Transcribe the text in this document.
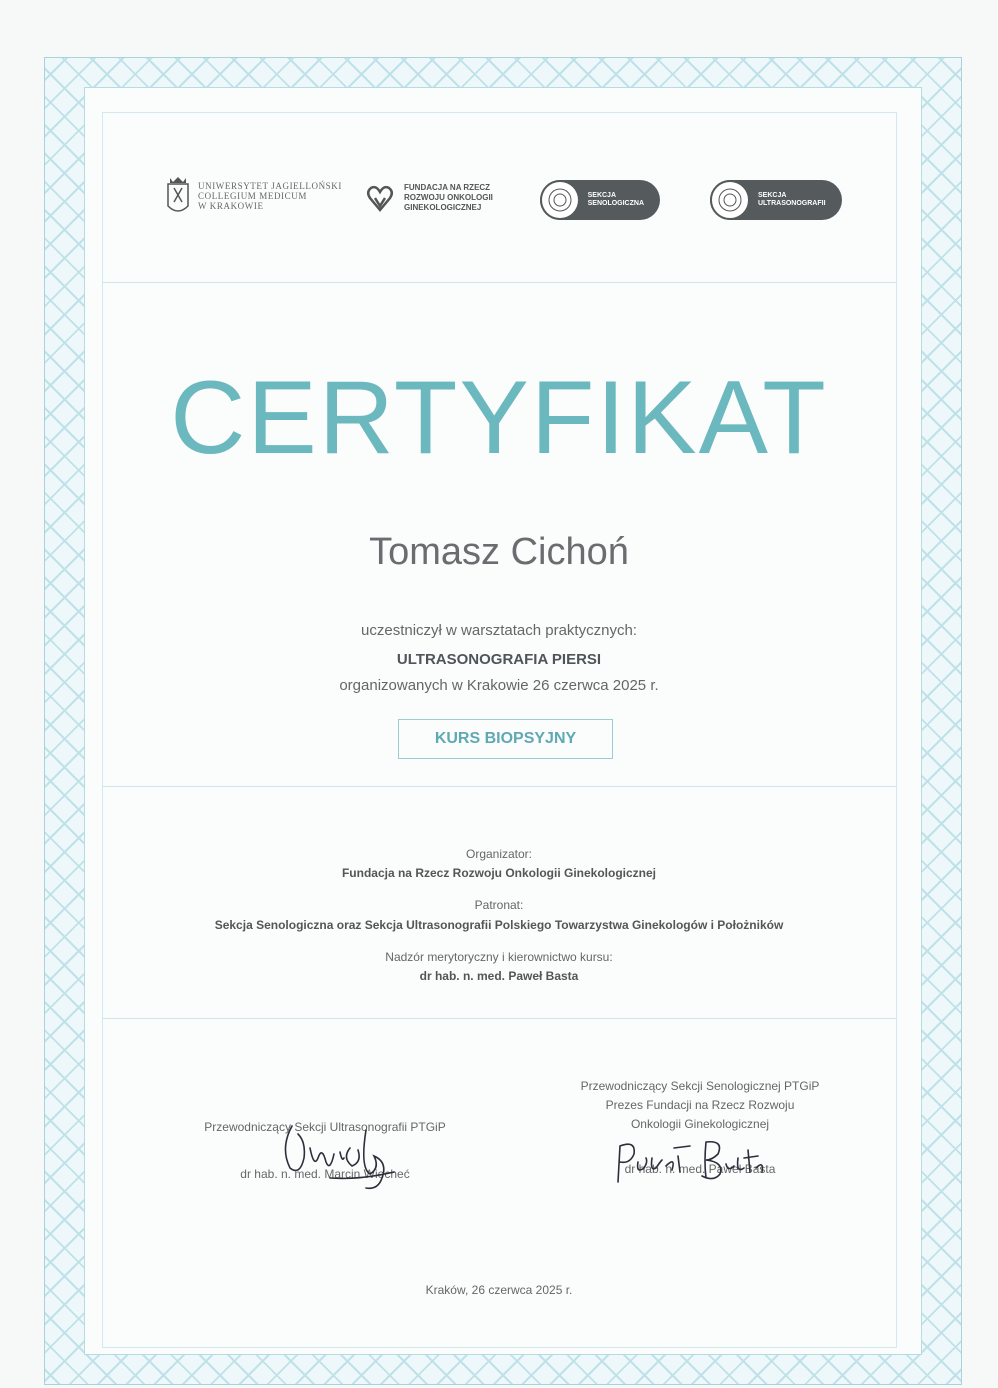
UNIWERSYTET JAGIELLOŃSKI
COLLEGIUM MEDICUM
W KRAKOWIE
FUNDACJA NA RZECZ
ROZWOJU ONKOLOGII
GINEKOLOGICZNEJ
SEKCJA
SENOLOGICZNA
SEKCJA
ULTRASONOGRAFII
CERTYFIKAT
Tomasz Cichoń
uczestniczył w warsztatach praktycznych:
ULTRASONOGRAFIA PIERSI
organizowanych w Krakowie 26 czerwca 2025 r.
KURS BIOPSYJNY
Organizator:
Fundacja na Rzecz Rozwoju Onkologii Ginekologicznej
Patronat:
Sekcja Senologiczna oraz Sekcja Ultrasonografii Polskiego Towarzystwa Ginekologów i Położników
Nadzór merytoryczny i kierownictwo kursu:
dr hab. n. med. Paweł Basta
Przewodniczący Sekcji Ultrasonografii PTGiP
dr hab. n. med. Marcin Wiecheć
Przewodniczący Sekcji Senologicznej PTGiP
Prezes Fundacji na Rzecz Rozwoju
Onkologii Ginekologicznej
dr hab. n. med. Paweł Basta
Kraków, 26 czerwca 2025 r.
